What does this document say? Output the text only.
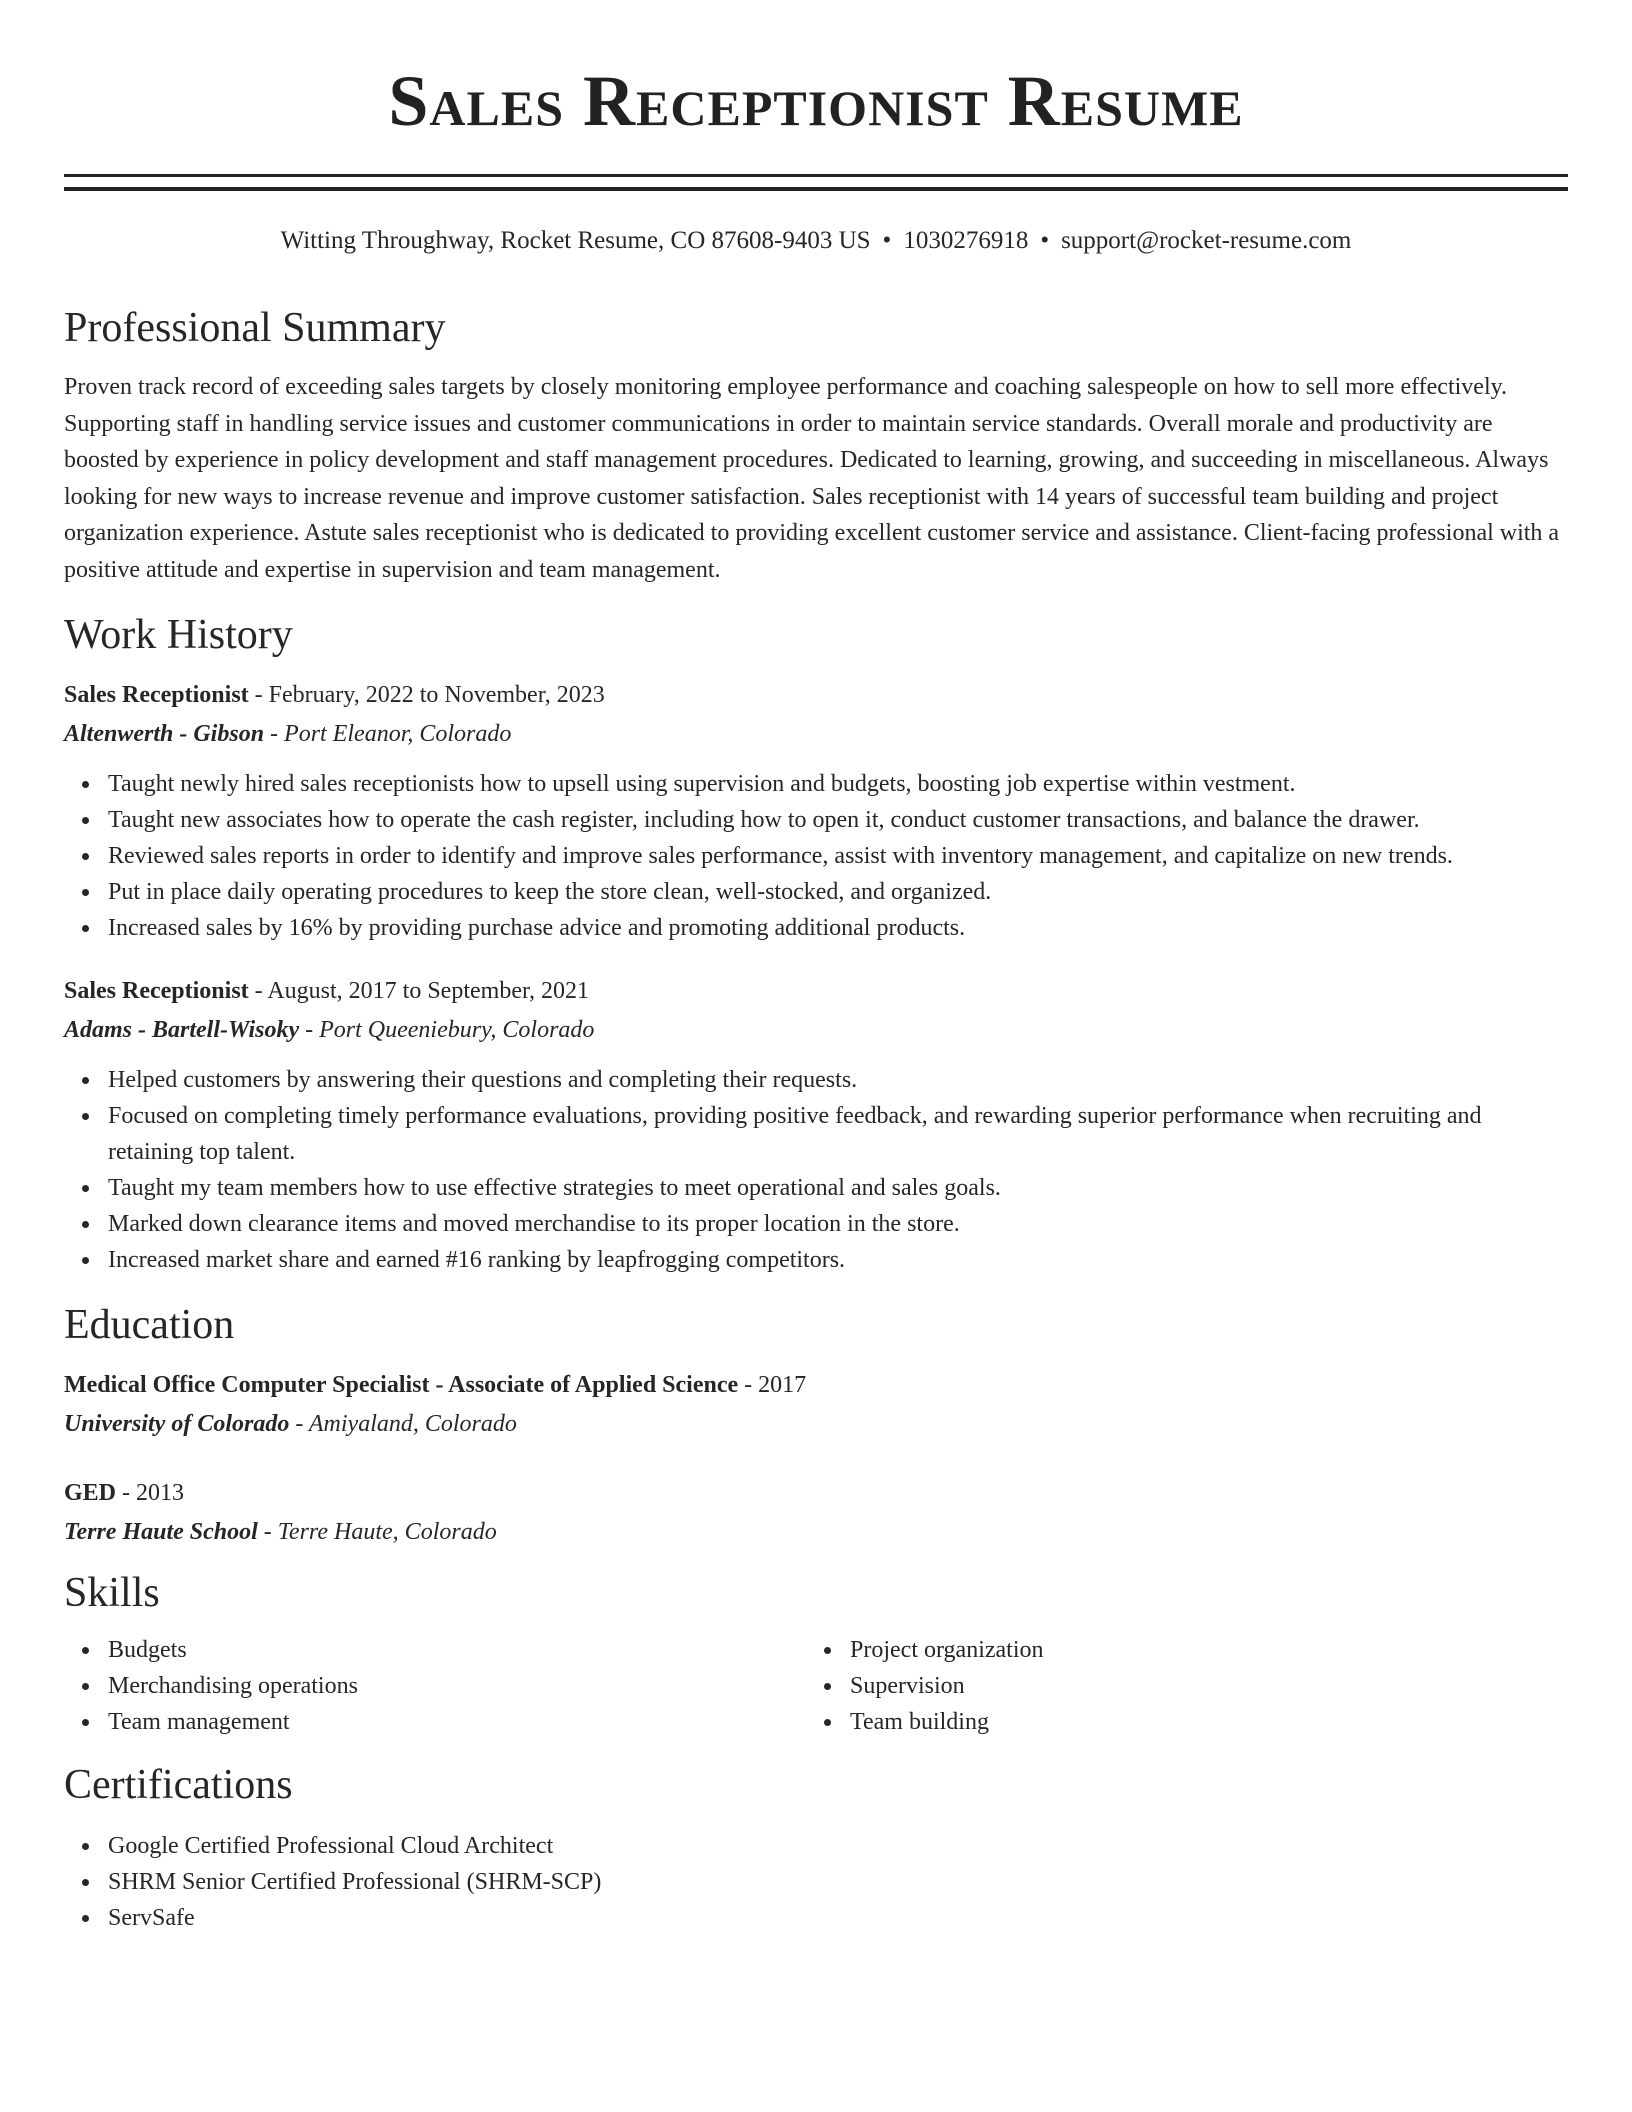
Sales Receptionist Resume
Witting Throughway, Rocket Resume, CO 87608-9403 US • 1030276918 • support@rocket-resume.com
Professional Summary
Proven track record of exceeding sales targets by closely monitoring employee performance and coaching salespeople on how to sell more effectively. Supporting staff in handling service issues and customer communications in order to maintain service standards. Overall morale and productivity are boosted by experience in policy development and staff management procedures. Dedicated to learning, growing, and succeeding in miscellaneous. Always looking for new ways to increase revenue and improve customer satisfaction. Sales receptionist with 14 years of successful team building and project organization experience. Astute sales receptionist who is dedicated to providing excellent customer service and assistance. Client-facing professional with a positive attitude and expertise in supervision and team management.
Work History
Sales Receptionist - February, 2022 to November, 2023
Altenwerth - Gibson - Port Eleanor, Colorado
Taught newly hired sales receptionists how to upsell using supervision and budgets, boosting job expertise within vestment.
Taught new associates how to operate the cash register, including how to open it, conduct customer transactions, and balance the drawer.
Reviewed sales reports in order to identify and improve sales performance, assist with inventory management, and capitalize on new trends.
Put in place daily operating procedures to keep the store clean, well-stocked, and organized.
Increased sales by 16% by providing purchase advice and promoting additional products.
Sales Receptionist - August, 2017 to September, 2021
Adams - Bartell-Wisoky - Port Queeniebury, Colorado
Helped customers by answering their questions and completing their requests.
Focused on completing timely performance evaluations, providing positive feedback, and rewarding superior performance when recruiting and retaining top talent.
Taught my team members how to use effective strategies to meet operational and sales goals.
Marked down clearance items and moved merchandise to its proper location in the store.
Increased market share and earned #16 ranking by leapfrogging competitors.
Education
Medical Office Computer Specialist - Associate of Applied Science - 2017
University of Colorado - Amiyaland, Colorado
GED - 2013
Terre Haute School - Terre Haute, Colorado
Skills
Budgets
Merchandising operations
Team management
Project organization
Supervision
Team building
Certifications
Google Certified Professional Cloud Architect
SHRM Senior Certified Professional (SHRM-SCP)
ServSafe
